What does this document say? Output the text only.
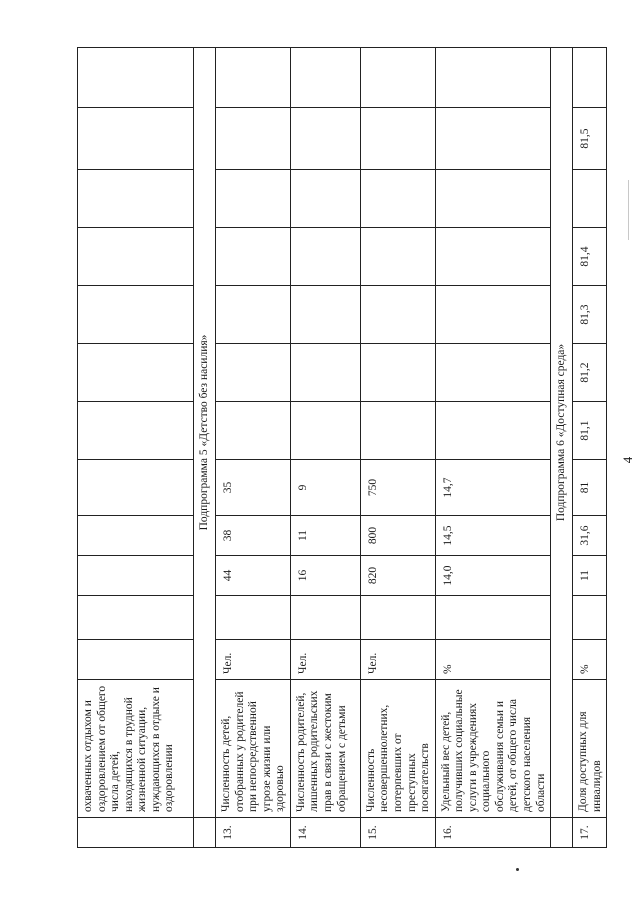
4
	охваченных отдыхом и оздоровлением от общего числа детей, находящихся в трудной жизненной ситуации, нуждающихся в отдыхе и оздоровлении												
	Подпрограмма 5 «Детство без насилия»												
13.	Численность детей, отобранных у родителей при непосредственной угрозе жизни или здоровью	Чел.		44	38	35							
14.	Численность родителей, лишенных родительских прав в связи с жестоким обращением с детьми	Чел.		16	11	9							
15.	Численность несовершеннолетних, потерпевших от преступных посягательств	Чел.		820	800	750							
16.	Удельный вес детей, получивших социальные услуги в учреждениях социального обслуживания семьи и детей, от общего числа детского населения области	%		14,0	14,5	14,7							
	Подпрограмма 6 «Доступная среда»												
17.	Доля доступных для инвалидов	%		11	31,6	81	81,1	81,2	81,3	81,4		81,5	
